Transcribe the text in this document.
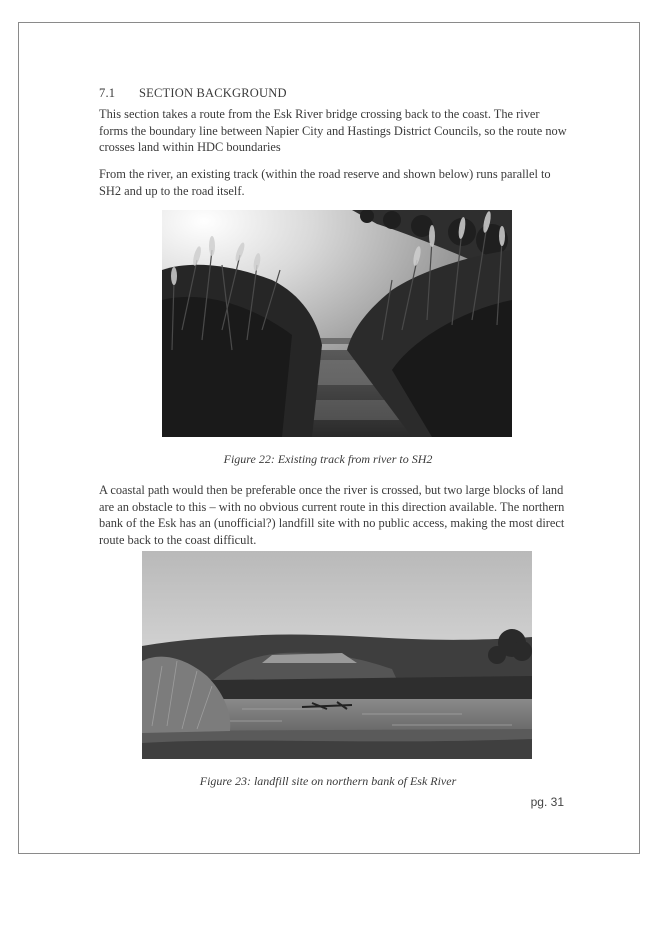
7.1 SECTION BACKGROUND

This section takes a route from the Esk River bridge crossing back to the coast. The river forms the boundary line between Napier City and Hastings District Councils, so the route now crosses land within HDC boundaries

From the river, an existing track (within the road reserve and shown below) runs parallel to SH2 and up to the road itself.

Figure 22: Existing track from river to SH2

A coastal path would then be preferable once the river is crossed, but two large blocks of land are an obstacle to this – with no obvious current route in this direction available. The northern bank of the Esk has an (unofficial?) landfill site with no public access, making the most direct route back to the coast difficult.

Figure 23: landfill site on northern bank of Esk River
pg. 31
